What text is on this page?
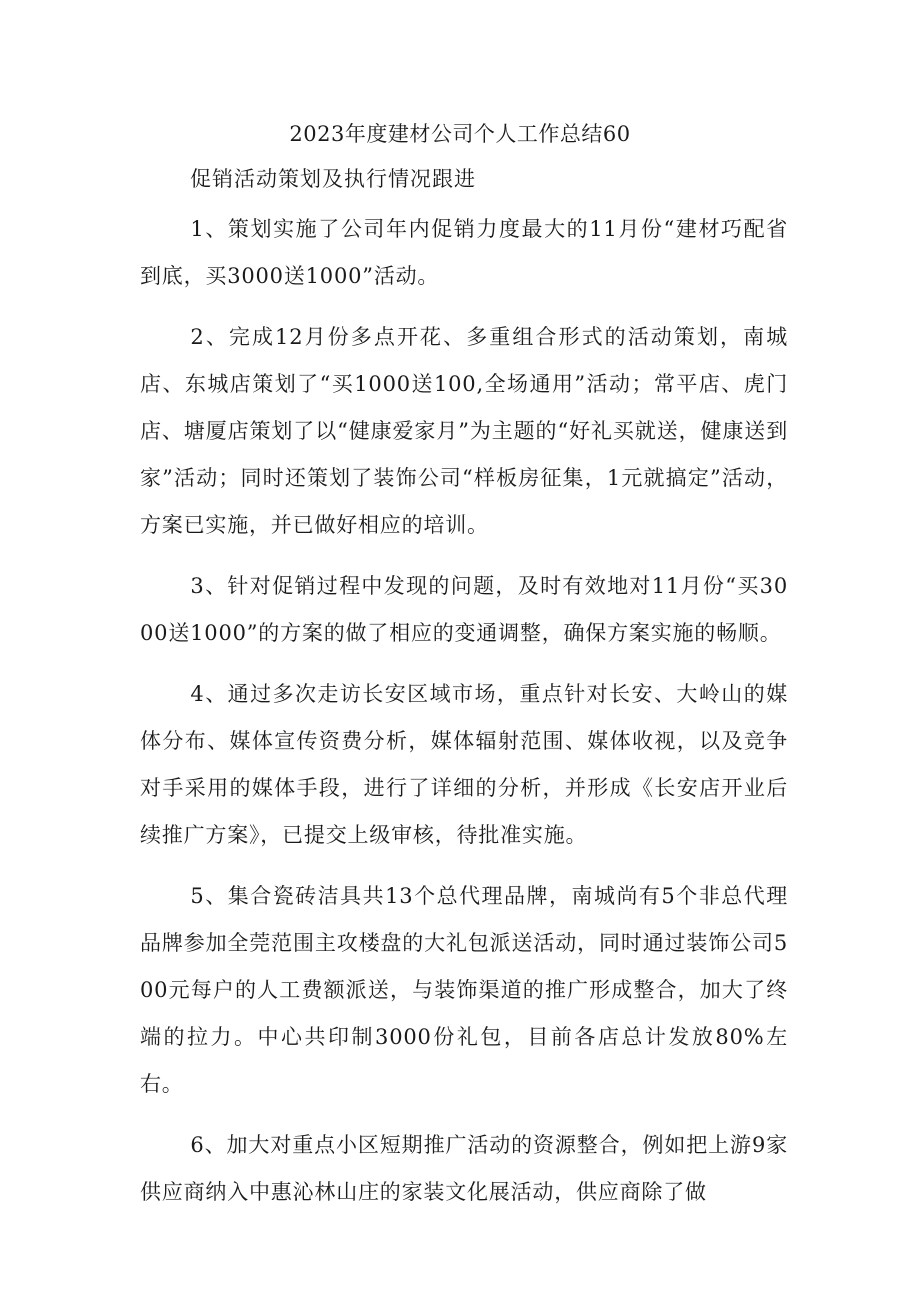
2023年度建材公司个人工作总结60
促销活动策划及执行情况跟进

1、策划实施了公司年内促销力度最大的11月份“建材巧配省到底，买3000送1000”活动。

2、完成12月份多点开花、多重组合形式的活动策划，南城店、东城店策划了“买1000送100,全场通用”活动；常平店、虎门店、塘厦店策划了以“健康爱家月”为主题的“好礼买就送，健康送到家”活动；同时还策划了装饰公司“样板房征集，1元就搞定”活动，方案已实施，并已做好相应的培训。

3、针对促销过程中发现的问题，及时有效地对11月份“买3000送1000”的方案的做了相应的变通调整，确保方案实施的畅顺。

4、通过多次走访长安区域市场，重点针对长安、大岭山的媒体分布、媒体宣传资费分析，媒体辐射范围、媒体收视，以及竞争对手采用的媒体手段，进行了详细的分析，并形成《长安店开业后续推广方案》，已提交上级审核，待批准实施。

5、集合瓷砖洁具共13个总代理品牌，南城尚有5个非总代理品牌参加全莞范围主攻楼盘的大礼包派送活动，同时通过装饰公司500元每户的人工费额派送，与装饰渠道的推广形成整合，加大了终端的拉力。中心共印制3000份礼包，目前各店总计发放80%左右。

6、加大对重点小区短期推广活动的资源整合，例如把上游9家供应商纳入中惠沁林山庄的家装文化展活动，供应商除了做
